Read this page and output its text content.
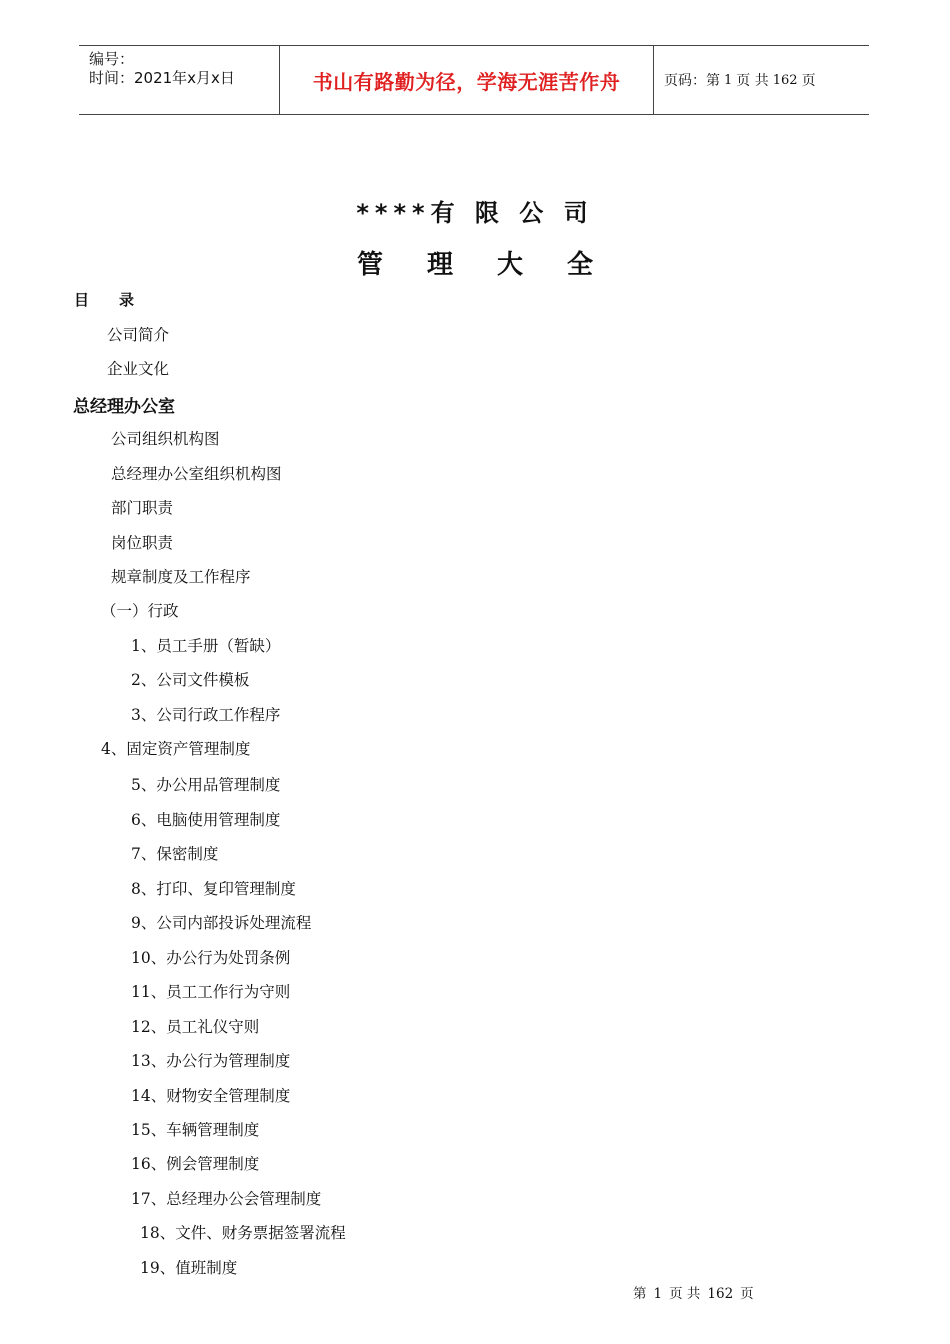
编号：
时间：2021年x月x日	书山有路勤为径，学海无涯苦作舟	页码：第 1 页 共 162 页
****有 限 公 司
管 理 大 全
目　　录
公司简介
企业文化
总经理办公室
公司组织机构图
总经理办公室组织机构图
部门职责
岗位职责
规章制度及工作程序
（一）行政
1、员工手册（暂缺）
2、公司文件模板
3、公司行政工作程序
4、固定资产管理制度
5、办公用品管理制度
6、电脑使用管理制度
7、保密制度
8、打印、复印管理制度
9、公司内部投诉处理流程
10、办公行为处罚条例
11、员工工作行为守则
12、员工礼仪守则
13、办公行为管理制度
14、财物安全管理制度
15、车辆管理制度
16、例会管理制度
17、总经理办公会管理制度
18、文件、财务票据签署流程
19、值班制度
第 1 页 共 162 页
